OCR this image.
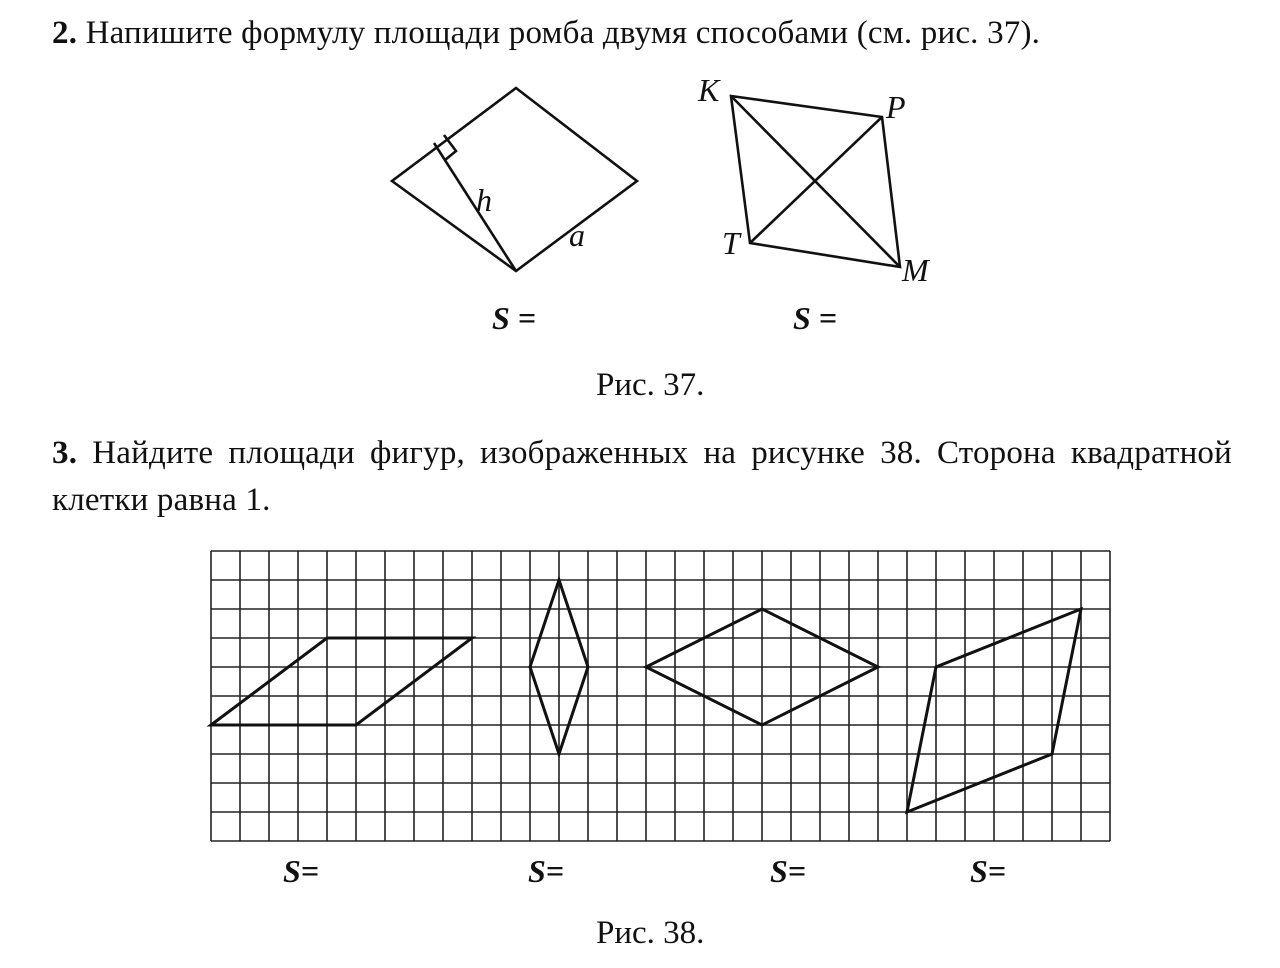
2. Напишите формулу площади ромба двумя способами (см. рис. 37).

h
a
K	P
M
T
S =	S =
Рис. 37.

3. Найдите площади фигур, изображенных на рисунке 38. Сторона квадратной клетки равна 1.

S=	S=	S=	S=
Рис. 38.
